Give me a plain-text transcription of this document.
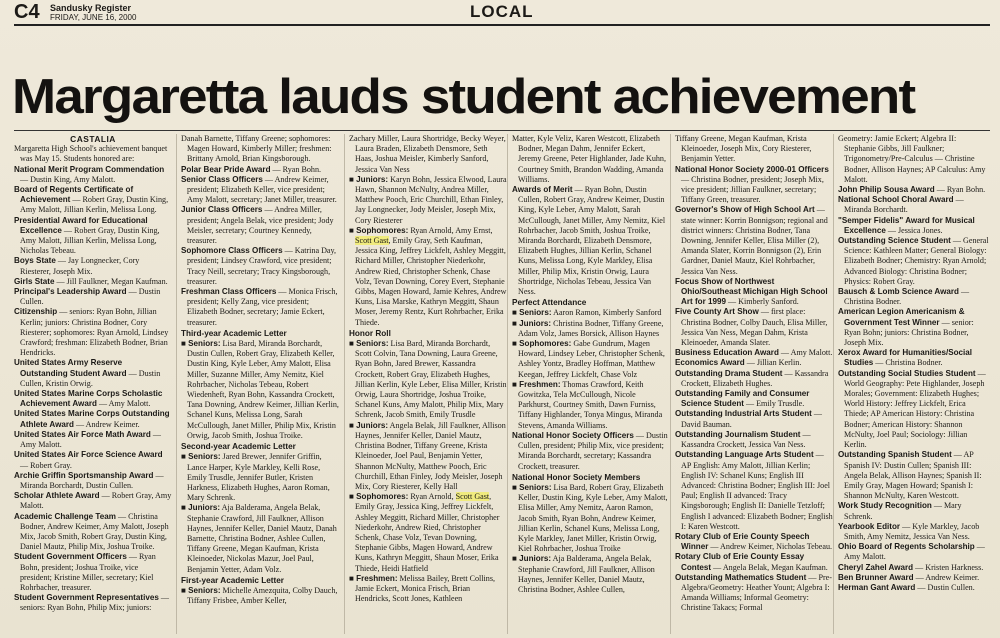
C4 Sandusky Register
FRIDAY, JUNE 16, 2000	LOCAL
Margaretta lauds student achievement

CASTALIA

Margaretta High School's achievement banquet was May 15. Students honored are:

National Merit Program Commendation — Dustin King, Amy Malott.

Board of Regents Certificate of Achievement — Robert Gray, Dustin King, Amy Malott, Jillian Kerlin, Melissa Long.

Presidential Award for Educational Excellence — Robert Gray, Dustin King, Amy Malott, Jillian Kerlin, Melissa Long, Nicholas Tebeau.

Boys State — Jay Longnecker, Cory Riesterer, Joseph Mix.

Girls State — Jill Faulkner, Megan Kaufman.

Principal's Leadership Award — Dustin Cullen.

Citizenship — seniors: Ryan Bohn, Jillian Kerlin; juniors: Christina Bodner, Cory Riesterer; sophomores: Ryan Arnold, Lindsey Crawford; freshman: Elizabeth Bodner, Brian Hendricks.

United States Army Reserve Outstanding Student Award — Dustin Cullen, Kristin Orwig.

United States Marine Corps Scholastic Achievement Award — Amy Malott.

United States Marine Corps Outstanding Athlete Award — Andrew Keimer.

United States Air Force Math Award — Amy Malott.

United States Air Force Science Award — Robert Gray.

Archie Griffin Sportsmanship Award — Miranda Borchardt, Dustin Cullen.

Scholar Athlete Award — Robert Gray, Amy Malott.

Academic Challenge Team — Christina Bodner, Andrew Keimer, Amy Malott, Joseph Mix, Jacob Smith, Robert Gray, Dustin King, Daniel Mautz, Philip Mix, Joshua Troike.

Student Government Officers — Ryan Bohn, president; Joshua Troike, vice president; Kristine Miller, secretary; Kiel Rohrbacher, treasurer.

Student Government Representatives — seniors: Ryan Bohn, Philip Mix; juniors:

Danah Barnette, Tiffany Greene; sophomores: Magen Howard, Kimberly Miller; freshmen: Brittany Arnold, Brian Kingsborough.

Polar Bear Pride Award — Ryan Bohn.

Senior Class Officers — Andrew Keimer, president; Elizabeth Keller, vice president; Amy Malott, secretary; Janet Miller, treasurer.

Junior Class Officers — Andrea Miller, president; Angela Belak, vice president; Jody Meisler, secretary; Courtney Kennedy, treasurer.

Sophomore Class Officers — Katrina Day, president; Lindsey Crawford, vice president; Tracy Neill, secretary; Tracy Kingsborough, treasurer.

Freshman Class Officers — Monica Frisch, president; Kelly Zang, vice president; Elizabeth Bodner, secretary; Jamie Eckert, treasurer.

Third-year Academic Letter

■ Seniors: Lisa Bard, Miranda Borchardt, Dustin Cullen, Robert Gray, Elizabeth Keller, Dustin King, Kyle Leber, Amy Malott, Elisa Miller, Suzanne Miller, Amy Nemitz, Kiel Rohrbacher, Nicholas Tebeau, Robert Wiedenheft, Ryan Bohn, Kassandra Crockett, Tana Downing, Andrew Keimer, Jillian Kerlin, Schanel Kuns, Melissa Long, Sarah McCullough, Janet Miller, Philip Mix, Kristin Orwig, Jacob Smith, Joshua Troike.

Second-year Academic Letter

■ Seniors: Jared Brewer, Jennifer Griffin, Lance Harper, Kyle Markley, Kelli Rose, Emily Trusdle, Jennifer Butler, Kristen Harkness, Elizabeth Hughes, Aaron Roman, Mary Schrenk.

■ Juniors: Aja Balderama, Angela Belak, Stephanie Crawford, Jill Faulkner, Allison Haynes, Jennifer Keller, Daniel Mautz, Danah Barnette, Christina Bodner, Ashlee Cullen, Tiffany Greene, Megan Kaufman, Krista Kleinoeder, Nickolas Mazur, Joel Paul, Benjamin Yetter, Adam Volz.

First-year Academic Letter

■ Seniors: Michelle Amezquita, Colby Dauch, Tiffany Frisbee, Amber Keller,

Zachary Miller, Laura Shortridge, Becky Weyer, Laura Braden, Elizabeth Densmore, Seth Haas, Joshua Meisler, Kimberly Sanford, Jessica Van Ness

■ Juniors: Karyn Bohn, Jessica Elwood, Laura Hawn, Shannon McNulty, Andrea Miller, Matthew Pooch, Eric Churchill, Ethan Finley, Jay Longnecker, Jody Meisler, Joseph Mix, Cory Riesterer

■ Sophomores: Ryan Arnold, Amy Ernst, Scott Gast, Emily Gray, Seth Kaufman, Jessica King, Jeffrey Lickfelt, Ashley Meggitt, Richard Miller, Christopher Niederkohr, Andrew Ried, Christopher Schenk, Chase Volz, Tevan Downing, Corey Evert, Stephanie Gibbs, Magen Howard, Jamie Kehres, Andrew Kuns, Lisa Marske, Kathryn Meggitt, Shaun Moser, Jeremy Rentz, Kurt Rohrbacher, Erika Thiede.

Honor Roll

■ Seniors: Lisa Bard, Miranda Borchardt, Scott Colvin, Tana Downing, Laura Greene, Ryan Bohn, Jared Brewer, Kassandra Crockett, Robert Gray, Elizabeth Hughes, Jillian Kerlin, Kyle Leber, Elisa Miller, Kristin Orwig, Laura Shortridge, Joshua Troike, Schanel Kuns, Amy Malott, Philip Mix, Mary Schrenk, Jacob Smith, Emily Trusdle

■ Juniors: Angela Belak, Jill Faulkner, Allison Haynes, Jennifer Keller, Daniel Mautz, Christina Bodner, Tiffany Greene, Krista Kleinoeder, Joel Paul, Benjamin Yetter, Shannon McNulty, Matthew Pooch, Eric Churchill, Ethan Finley, Jody Meisler, Joseph Mix, Cory Riesterer, Kelly Hall

■ Sophomores: Ryan Arnold, Scott Gast, Emily Gray, Jessica King, Jeffrey Lickfelt, Ashley Meggitt, Richard Miller, Christopher Niederkohr, Andrew Ried, Christopher Schenk, Chase Volz, Tevan Downing, Stephanie Gibbs, Magen Howard, Andrew Kuns, Kathryn Meggitt, Shaun Moser, Erika Thiede, Heidi Hatfield

■ Freshmen: Melissa Bailey, Brett Collins, Jamie Eckert, Monica Frisch, Brian Hendricks, Scott Jones, Kathleen

Matter, Kyle Veliz, Karen Westcott, Elizabeth Bodner, Megan Dahm, Jennifer Eckert, Jeremy Greene, Peter Highlander, Jade Kuhn, Courtney Smith, Brandon Wadding, Amanda Williams.

Awards of Merit — Ryan Bohn, Dustin Cullen, Robert Gray, Andrew Keimer, Dustin King, Kyle Leber, Amy Malott, Sarah McCullough, Janet Miller, Amy Nemitz, Kiel Rohrbacher, Jacob Smith, Joshua Troike, Miranda Borchardt, Elizabeth Densmore, Elizabeth Hughes, Jillian Kerlin, Schanel Kuns, Melissa Long, Kyle Markley, Elisa Miller, Philip Mix, Kristin Orwig, Laura Shortridge, Nicholas Tebeau, Jessica Van Ness.

Perfect Attendance

■ Seniors: Aaron Ramon, Kimberly Sanford

■ Juniors: Christina Bodner, Tiffany Greene, Adam Volz, James Borsick, Allison Haynes

■ Sophomores: Gabe Gundrum, Magen Howard, Lindsey Leber, Christopher Schenk, Ashley Yontz, Bradley Hoffman, Matthew Keegan, Jeffrey Lickfelt, Chase Volz

■ Freshmen: Thomas Crawford, Keith Gowitzka, Tela McCullough, Nicole Parkhurst, Courtney Smith, Dawn Furniss, Tiffany Highlander, Tonya Mingus, Miranda Stevens, Amanda Williams.

National Honor Society Officers — Dustin Cullen, president; Philip Mix, vice president; Miranda Borchardt, secretary; Kassandra Crockett, treasurer.

National Honor Society Members

■ Seniors: Lisa Bard, Robert Gray, Elizabeth Keller, Dustin King, Kyle Leber, Amy Malott, Elisa Miller, Amy Nemitz, Aaron Ramon, Jacob Smith, Ryan Bohn, Andrew Keimer, Jillian Kerlin, Schanel Kuns, Melissa Long, Kyle Markley, Janet Miller, Kristin Orwig, Kiel Rohrbacher, Joshua Troike

■ Juniors: Aja Balderama, Angela Belak, Stephanie Crawford, Jill Faulkner, Allison Haynes, Jennifer Keller, Daniel Mautz, Christina Bodner, Ashlee Cullen,

Tiffany Greene, Megan Kaufman, Krista Kleinoeder, Joseph Mix, Cory Riesterer, Benjamin Yetter.

National Honor Society 2000-01 Officers — Christina Bodner, president; Joseph Mix, vice president; Jillian Faulkner, secretary; Tiffany Green, treasurer.

Governor's Show of High School Art — state winner: Korrin Bonnigson; regional and district winners: Christina Bodner, Tana Downing, Jennifer Keller, Elisa Miller (2), Amanda Slater, Korrin Bonnigson (2), Erin Gardner, Daniel Mautz, Kiel Rohrbacher, Jessica Van Ness.

Focus Show of Northwest Ohio/Southeast Michigan High School Art for 1999 — Kimberly Sanford.

Five County Art Show — first place: Christina Bodner, Colby Dauch, Elisa Miller, Jessica Van Ness, Megan Dahm, Krista Kleinoeder, Amanda Slater.

Business Education Award — Amy Malott.

Economics Award — Jillian Kerlin.

Outstanding Drama Student — Kassandra Crockett, Elizabeth Hughes.

Outstanding Family and Consumer Science Student — Emily Trusdle.

Outstanding Industrial Arts Student — David Bauman.

Outstanding Journalism Student — Kassandra Crockett, Jessica Van Ness.

Outstanding Language Arts Student — AP English: Amy Malott, Jillian Kerlin; English IV: Schanel Kuns; English III Advanced: Christina Bodner; English III: Joel Paul; English II advanced: Tracy Kingsborough; English II: Danielle Tetzloff; English I advanced: Elizabeth Bodner; English I: Karen Westcott.

Rotary Club of Erie County Speech Winner — Andrew Keimer, Nicholas Tebeau.

Rotary Club of Erie County Essay Contest — Angela Belak, Megan Kaufman.

Outstanding Mathematics Student — Pre-Algebra/Geometry: Heather Yount; Algebra I: Amanda Williams; Informal Geometry: Christine Takacs; Formal

Geometry: Jamie Eckert; Algebra II: Stephanie Gibbs, Jill Faulkner; Trigonometry/Pre-Calculus — Christine Bodner, Allison Haynes; AP Calculus: Amy Malott.

John Philip Sousa Award — Ryan Bohn.

National School Choral Award — Miranda Borchardt.

"Semper Fidelis" Award for Musical Excellence — Jessica Jones.

Outstanding Science Student — General Science: Kathleen Matter; General Biology: Elizabeth Bodner; Chemistry: Ryan Arnold; Advanced Biology: Christina Bodner; Physics: Robert Gray.

Bausch & Lomb Science Award — Christina Bodner.

American Legion Americanism & Government Test Winner — senior: Ryan Bohn; juniors: Christina Bodner, Joseph Mix.

Xerox Award for Humanities/Social Studies — Christina Bodner.

Outstanding Social Studies Student — World Geography: Pete Highlander, Joseph Morales; Government: Elizabeth Hughes; World History: Jeffrey Lickfelt, Erica Thiede; AP American History: Christina Bodner; American History: Shannon McNulty, Joel Paul; Sociology: Jillian Kerlin.

Outstanding Spanish Student — AP Spanish IV: Dustin Cullen; Spanish III: Angela Belak, Allison Haynes; Spanish II: Emily Gray, Magen Howard; Spanish I: Shannon McNulty, Karen Westcott.

Work Study Recognition — Mary Schrenk.

Yearbook Editor — Kyle Markley, Jacob Smith, Amy Nemitz, Jessica Van Ness.

Ohio Board of Regents Scholarship — Amy Malott.

Cheryl Zahel Award — Kristen Harkness.

Ben Brunner Award — Andrew Keimer.

Herman Gant Award — Dustin Cullen.
